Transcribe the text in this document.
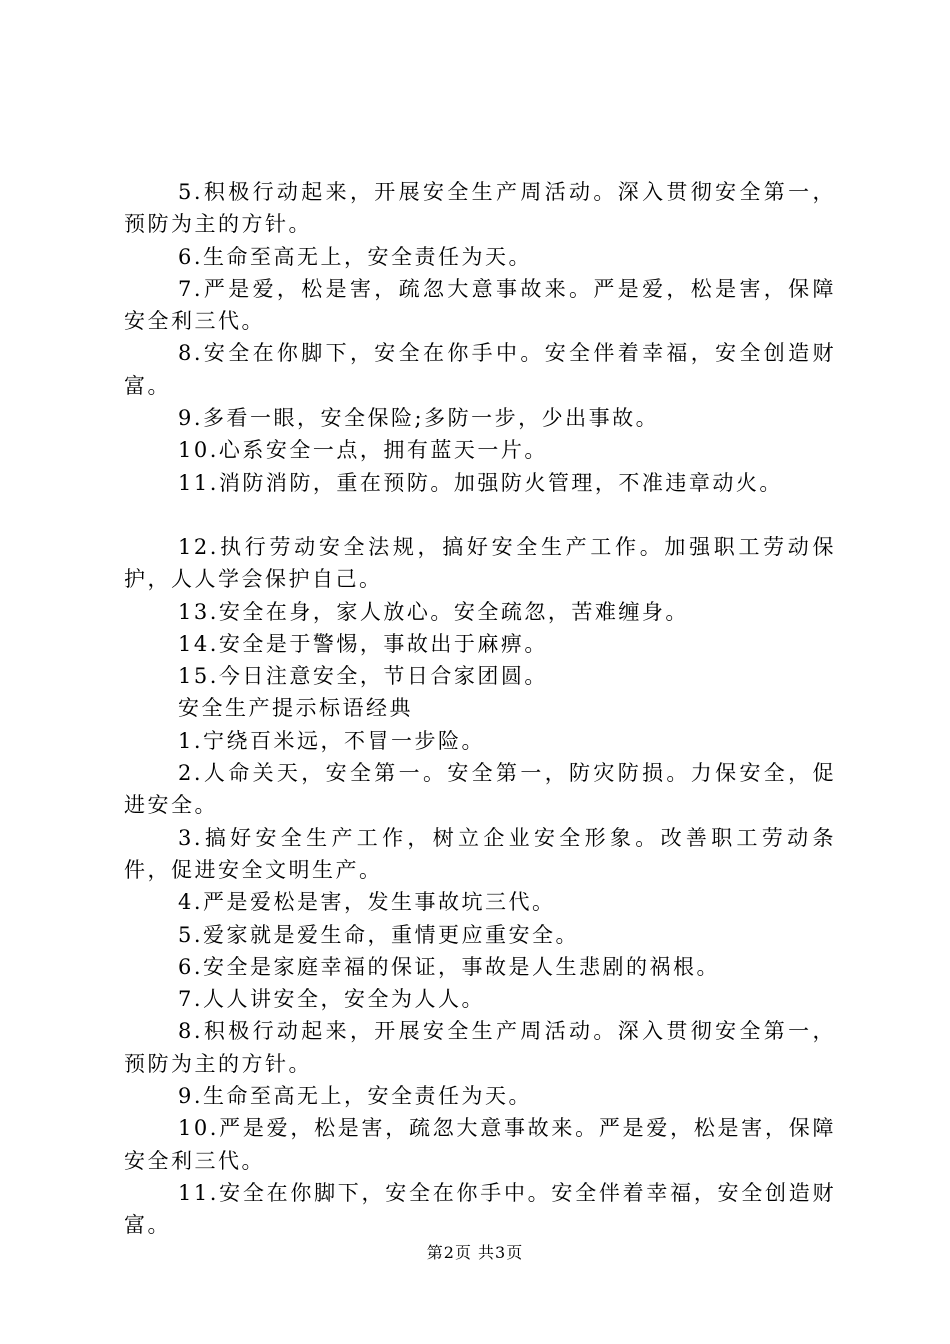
5.积极行动起来，开展安全生产周活动。深入贯彻安全第一，预防为主的方针。

6.生命至高无上，安全责任为天。

7.严是爱，松是害，疏忽大意事故来。严是爱，松是害，保障安全利三代。

8.安全在你脚下，安全在你手中。安全伴着幸福，安全创造财富。

9.多看一眼，安全保险;多防一步，少出事故。

10.心系安全一点，拥有蓝天一片。

11.消防消防，重在预防。加强防火管理，不准违章动火。

12.执行劳动安全法规，搞好安全生产工作。加强职工劳动保护，人人学会保护自己。

13.安全在身，家人放心。安全疏忽，苦难缠身。

14.安全是于警惕，事故出于麻痹。

15.今日注意安全，节日合家团圆。

安全生产提示标语经典

1.宁绕百米远，不冒一步险。

2.人命关天，安全第一。安全第一，防灾防损。力保安全，促进安全。

3.搞好安全生产工作，树立企业安全形象。改善职工劳动条件，促进安全文明生产。

4.严是爱松是害，发生事故坑三代。

5.爱家就是爱生命，重情更应重安全。

6.安全是家庭幸福的保证，事故是人生悲剧的祸根。

7.人人讲安全，安全为人人。

8.积极行动起来，开展安全生产周活动。深入贯彻安全第一，预防为主的方针。

9.生命至高无上，安全责任为天。

10.严是爱，松是害，疏忽大意事故来。严是爱，松是害，保障安全利三代。

11.安全在你脚下，安全在你手中。安全伴着幸福，安全创造财富。

第2页 共3页
